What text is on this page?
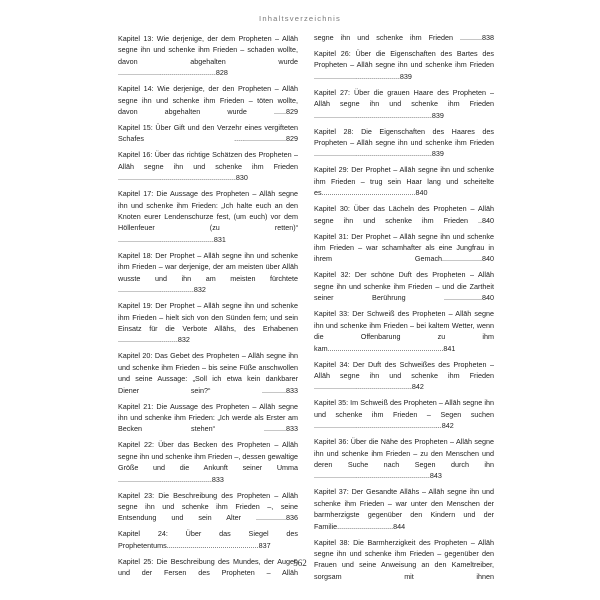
Inhaltsverzeichnis
Kapitel 13: Wie derjenige, der dem Propheten – Allāh segne ihn und schenke ihm Frieden – schaden wollte, davon abgehalten wurde .................................................828
Kapitel 14: Wie derjenige, der den Propheten – Allāh segne ihn und schenke ihm Frieden – töten wollte, davon abgehalten wurde ......829
Kapitel 15: Über Gift und den Verzehr eines vergifteten Schafes ..........................829
Kapitel 16: Über das richtige Schätzen des Propheten – Allāh segne ihn und schenke ihm Frieden ...........................................................830
Kapitel 17: Die Aussage des Propheten – Allāh segne ihn und schenke ihm Frieden: „Ich halte euch an den Knoten eurer Lendenschurze fest, (um euch) vor dem Höllenfeuer (zu retten)“ ................................................831
Kapitel 18: Der Prophet – Allāh segne ihn und schenke ihm Frieden – war derjenige, der am meisten über Allāh wusste und ihn am meisten fürchtete ......................................832
Kapitel 19: Der Prophet – Allāh segne ihn und schenke ihm Frieden – hielt sich von den Sünden fern; und sein Einsatz für die Verbote Allāhs, des Erhabenen ..............................832
Kapitel 20: Das Gebet des Propheten – Allāh segne ihn und schenke ihm Frieden – bis seine Füße anschwollen und seine Aussage: „Soll ich etwa kein dankbarer Diener sein?“ ............833
Kapitel 21: Die Aussage des Propheten – Allāh segne ihn und schenke ihm Frieden: „Ich werde als Erster am Becken stehen“ ...........833
Kapitel 22: Über das Becken des Propheten – Allāh segne ihn und schenke ihm Frieden –, dessen gewaltige Größe und die Ankunft seiner Umma ...............................................833
Kapitel 23: Die Beschreibung des Propheten – Allāh segne ihn und schenke ihm Frieden –, seine Entsendung und sein Alter ...............836
Kapitel 24: Über das Siegel des Prophetentums..............................................837
Kapitel 25: Die Beschreibung des Mundes, der Augen und der Fersen des Propheten – Allāh
segne ihn und schenke ihm Frieden ...........838
Kapitel 26: Über die Eigenschaften des Bartes des Propheten – Allāh segne ihn und schenke ihm Frieden ...........................................839
Kapitel 27: Über die grauen Haare des Propheten – Allāh segne ihn und schenke ihm Frieden ...........................................................839
Kapitel 28: Die Eigenschaften des Haares des Propheten – Allāh segne ihn und schenke ihm Frieden ...........................................................839
Kapitel 29: Der Prophet – Allāh segne ihn und schenke ihm Frieden – trug sein Haar lang und scheitelte es...............................................840
Kapitel 30: Über das Lächeln des Propheten – Allāh segne ihn und schenke ihm Frieden ..840
Kapitel 31: Der Prophet – Allāh segne ihn und schenke ihm Frieden – war schamhafter als eine Jungfrau in ihrem Gemach....................840
Kapitel 32: Der schöne Duft des Propheten – Allāh segne ihn und schenke ihm Frieden – und die Zartheit seiner Berührung ...................840
Kapitel 33: Der Schweiß des Propheten – Allāh segne ihn und schenke ihm Frieden – bei kaltem Wetter, wenn die Offenbarung zu ihm kam..........................................................841
Kapitel 34: Der Duft des Schweißes des Propheten – Allāh segne ihn und schenke ihm Frieden .................................................842
Kapitel 35: Im Schweiß des Propheten – Allāh segne ihn und schenke ihm Frieden – Segen suchen ................................................................842
Kapitel 36: Über die Nähe des Propheten – Allāh segne ihn und schenke ihm Frieden – zu den Menschen und deren Suche nach Segen durch ihn ..........................................................843
Kapitel 37: Der Gesandte Allāhs – Allāh segne ihn und schenke ihm Frieden – war unter den Menschen der barmherzigste gegenüber den Kindern und der Familie............................844
Kapitel 38: Die Barmherzigkeit des Propheten – Allāh segne ihn und schenke ihm Frieden – gegenüber den Frauen und seine Anweisung an den Kameltreiber, sorgsam mit ihnen
562
